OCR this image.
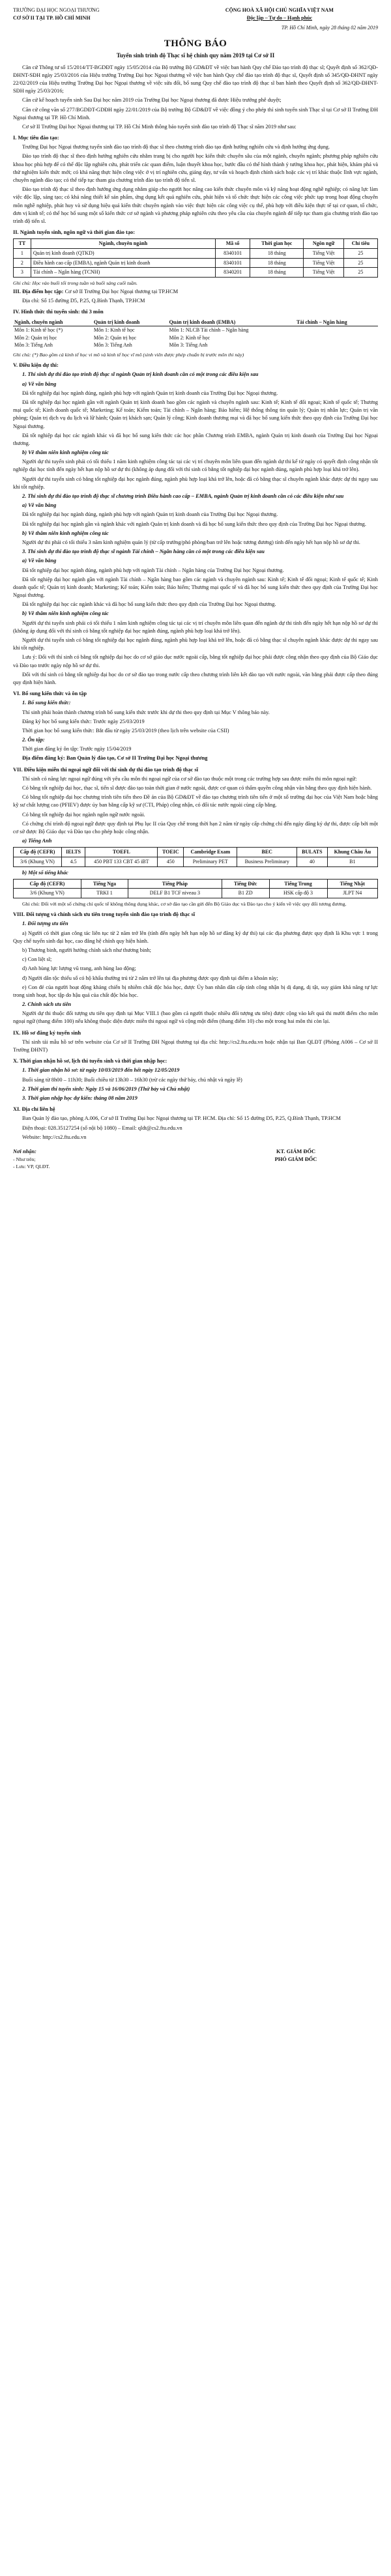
TRƯỜNG ĐẠI HỌC NGOẠI THƯƠNG
CƠ SỞ II TẠI TP. HỒ CHÍ MINH
CỘNG HOÀ XÃ HỘI CHỦ NGHĨA VIỆT NAM
Độc lập – Tự do – Hạnh phúc
TP. Hồ Chí Minh, ngày 28 tháng 02 năm 2019
THÔNG BÁO
Tuyển sinh trình độ Thạc sĩ hệ chính quy năm 2019 tại Cơ sở II

Căn cứ Thông tư số 15/2014/TT-BGDĐT ngày 15/05/2014 của Bộ trưởng Bộ GD&ĐT về việc ban hành Quy chế Đào tạo trình độ thạc sĩ; Quyết định số 362/QĐ-ĐHNT-SĐH ngày 25/03/2016 của Hiệu trưởng Trường Đại học Ngoại thương về việc ban hành Quy chế đào tạo trình độ thạc sĩ, Quyết định số 345/QĐ-ĐHNT ngày 22/02/2019 của Hiệu trưởng Trường Đại học Ngoại thương về việc sửa đổi, bổ sung Quy chế đào tạo trình độ thạc sĩ ban hành theo Quyết định số 362/QĐ-ĐHNT-SĐH ngày 25/03/2016;

Căn cứ kế hoạch tuyển sinh Sau Đại học năm 2019 của Trường Đại học Ngoại thương đã được Hiệu trưởng phê duyệt;

Căn cứ công văn số 277/BGDĐT-GDĐH ngày 22/01/2019 của Bộ trưởng Bộ GD&ĐT về việc đồng ý cho phép thí sinh tuyển sinh Thạc sĩ tại Cơ sở II Trường ĐH Ngoại thương tại TP. Hồ Chí Minh.

Cơ sở II Trường Đại học Ngoại thương tại TP. Hồ Chí Minh thông báo tuyển sinh đào tạo trình độ Thạc sĩ năm 2019 như sau:

I. Mục tiêu đào tạo:

Trường Đại học Ngoại thương tuyển sinh đào tạo trình độ thạc sĩ theo chương trình đào tạo định hướng nghiên cứu và định hướng ứng dụng.

Đào tạo trình độ thạc sĩ theo định hướng nghiên cứu nhằm trang bị cho người học kiến thức chuyên sâu của một ngành, chuyên ngành; phương pháp nghiên cứu khoa học phù hợp để có thể độc lập nghiên cứu, phát triển các quan điểm, luận thuyết khoa học, bước đầu có thể hình thành ý tưởng khoa học, phát hiện, khám phá và thử nghiệm kiến thức mới; có khả năng thực hiện công việc ở vị trí nghiên cứu, giảng dạy, tư vấn và hoạch định chính sách hoặc các vị trí khác thuộc lĩnh vực ngành, chuyên ngành đào tạo; có thể tiếp tục tham gia chương trình đào tạo trình độ tiến sĩ.

Đào tạo trình độ thạc sĩ theo định hướng ứng dụng nhằm giúp cho người học nâng cao kiến thức chuyên môn và kỹ năng hoạt động nghề nghiệp; có năng lực làm việc độc lập, sáng tạo; có khả năng thiết kế sản phẩm, ứng dụng kết quả nghiên cứu, phát hiện và tổ chức thực hiện các công việc phức tạp trong hoạt động chuyên môn nghề nghiệp, phát huy và sử dụng hiệu quả kiến thức chuyên ngành vào việc thực hiện các công việc cụ thể, phù hợp với điều kiện thực tế tại cơ quan, tổ chức, đơn vị kinh tế; có thể học bổ sung một số kiến thức cơ sở ngành và phương pháp nghiên cứu theo yêu cầu của chuyên ngành để tiếp tục tham gia chương trình đào tạo trình độ tiến sĩ.

II. Ngành tuyển sinh, ngôn ngữ và thời gian đào tạo:
TT	Ngành, chuyên ngành	Mã số	Thời gian học	Ngôn ngữ	Chỉ tiêu
1	Quản trị kinh doanh (QTKD)	8340101	18 tháng	Tiếng Việt	25
2	Điều hành cao cấp (EMBA), ngành Quản trị kinh doanh	8340101	18 tháng	Tiếng Việt	25
3	Tài chính – Ngân hàng (TCNH)	8340201	18 tháng	Tiếng Việt	25

Ghi chú: Học vào buổi tối trong tuần và buổi sáng cuối tuần.

III. Địa điểm học tập: Cơ sở II Trường Đại học Ngoại thương tại TP.HCM

Địa chỉ: Số 15 đường D5, P.25, Q.Bình Thạnh, TP.HCM

IV. Hình thức thi tuyển sinh: thi 3 môn
Ngành, chuyên ngành	Quản trị kinh doanh	Quản trị kinh doanh (EMBA)	Tài chính – Ngân hàng
Môn 1: Kinh tế học (*)	Môn 1: Kinh tế học	Môn 1: NLCB Tài chính – Ngân hàng	
Môn 2: Quản trị học	Môn 2: Quản trị học	Môn 2: Kinh tế học	
Môn 3: Tiếng Anh	Môn 3: Tiếng Anh	Môn 3: Tiếng Anh	

Ghi chú: (*) Bao gồm cả kinh tế học vi mô và kinh tế học vĩ mô (sinh viên được phép chuẩn bị trước môn thi này)

V. Điều kiện dự thi:

1. Thí sinh dự thi đào tạo trình độ thạc sĩ ngành Quản trị kinh doanh cần có một trong các điều kiện sau

a) Về văn bằng

Đã tốt nghiệp đại học ngành đúng, ngành phù hợp với ngành Quản trị kinh doanh của Trường Đại học Ngoại thương.

Đã tốt nghiệp đại học ngành gần với ngành Quản trị kinh doanh bao gồm các ngành và chuyên ngành sau: Kinh tế; Kinh tế đối ngoại; Kinh tế quốc tế; Thương mại quốc tế; Kinh doanh quốc tế; Marketing; Kế toán; Kiểm toán; Tài chính – Ngân hàng; Bảo hiểm; Hệ thống thông tin quản lý; Quản trị nhân lực; Quản trị văn phòng; Quản trị dịch vụ du lịch và lữ hành; Quản trị khách sạn; Quản lý công; Kinh doanh thương mại và đã học bổ sung kiến thức theo quy định của Trường Đại học Ngoại thương.

Đã tốt nghiệp đại học các ngành khác và đã học bổ sung kiến thức các học phần Chương trình EMBA, ngành Quản trị kinh doanh của Trường Đại học Ngoại thương.

b) Về thâm niên kinh nghiệm công tác

Người dự thi tuyển sinh phải có tối thiểu 1 năm kinh nghiệm công tác tại các vị trí chuyên môn liên quan đến ngành dự thi kể từ ngày có quyết định công nhận tốt nghiệp đại học tính đến ngày hết hạn nộp hồ sơ dự thi (không áp dụng đối với thí sinh có bằng tốt nghiệp đại học ngành đúng, ngành phù hợp loại khá trở lên).

Người dự thi tuyển sinh có bằng tốt nghiệp đại học ngành đúng, ngành phù hợp loại khá trở lên, hoặc đã có bằng thạc sĩ chuyên ngành khác được dự thi ngay sau khi tốt nghiệp.

2. Thí sinh dự thi đào tạo trình độ thạc sĩ chương trình Điều hành cao cấp – EMBA, ngành Quản trị kinh doanh cần có các điều kiện như sau

a) Về văn bằng

Đã tốt nghiệp đại học ngành đúng, ngành phù hợp với ngành Quản trị kinh doanh của Trường Đại học Ngoại thương.

Đã tốt nghiệp đại học ngành gần và ngành khác với ngành Quản trị kinh doanh và đã học bổ sung kiến thức theo quy định của Trường Đại học Ngoại thương.

b) Về thâm niên kinh nghiệm công tác

Người dự thi phải có tối thiểu 3 năm kinh nghiệm quản lý (từ cấp trưởng/phó phòng/ban trở lên hoặc tương đương) tính đến ngày hết hạn nộp hồ sơ dự thi.

3. Thí sinh dự thi đào tạo trình độ thạc sĩ ngành Tài chính – Ngân hàng cần có một trong các điều kiện sau

a) Về văn bằng

Đã tốt nghiệp đại học ngành đúng, ngành phù hợp với ngành Tài chính – Ngân hàng của Trường Đại học Ngoại thương.

Đã tốt nghiệp đại học ngành gần với ngành Tài chính – Ngân hàng bao gồm các ngành và chuyên ngành sau: Kinh tế; Kinh tế đối ngoại; Kinh tế quốc tế; Kinh doanh quốc tế; Quản trị kinh doanh; Marketing; Kế toán; Kiểm toán; Bảo hiểm; Thương mại quốc tế và đã học bổ sung kiến thức theo quy định của Trường Đại học Ngoại thương.

Đã tốt nghiệp đại học các ngành khác và đã học bổ sung kiến thức theo quy định của Trường Đại học Ngoại thương.

b) Về thâm niên kinh nghiệm công tác

Người dự thi tuyển sinh phải có tối thiểu 1 năm kinh nghiệm công tác tại các vị trí chuyên môn liên quan đến ngành dự thi tính đến ngày hết hạn nộp hồ sơ dự thi (không áp dụng đối với thí sinh có bằng tốt nghiệp đại học ngành đúng, ngành phù hợp loại khá trở lên).

Người dự thi tuyển sinh có bằng tốt nghiệp đại học ngành đúng, ngành phù hợp loại khá trở lên, hoặc đã có bằng thạc sĩ chuyên ngành khác được dự thi ngay sau khi tốt nghiệp.

Lưu ý: Đối với thí sinh có bằng tốt nghiệp đại học do cơ sở giáo dục nước ngoài cấp, bằng tốt nghiệp đại học phải được công nhận theo quy định của Bộ Giáo dục và Đào tạo trước ngày nộp hồ sơ dự thi.

Đối với thí sinh có bằng tốt nghiệp đại học do cơ sở đào tạo trong nước cấp theo chương trình liên kết đào tạo với nước ngoài, văn bằng phải được cấp theo đúng quy định hiện hành.

VI. Bổ sung kiến thức và ôn tập

1. Bổ sung kiến thức:

Thí sinh phải hoàn thành chương trình bổ sung kiến thức trước khi dự thi theo quy định tại Mục V thông báo này.

Đăng ký học bổ sung kiến thức: Trước ngày 25/03/2019

Thời gian học bổ sung kiến thức: Bắt đầu từ ngày 25/03/2019 (theo lịch trên website của CSII)

2. Ôn tập:

Thời gian đăng ký ôn tập: Trước ngày 15/04/2019

Địa điểm đăng ký: Ban Quản lý đào tạo, Cơ sở II Trường Đại học Ngoại thương

VII. Điều kiện miễn thi ngoại ngữ đối với thí sinh dự thi đào tạo trình độ thạc sĩ

Thí sinh có năng lực ngoại ngữ đúng với yêu cầu môn thi ngoại ngữ của cơ sở đào tạo thuộc một trong các trường hợp sau được miễn thi môn ngoại ngữ:

Có bằng tốt nghiệp đại học, thạc sĩ, tiến sĩ được đào tạo toàn thời gian ở nước ngoài, được cơ quan có thẩm quyền công nhận văn bằng theo quy định hiện hành.

Có bằng tốt nghiệp đại học chương trình tiên tiến theo Đề án của Bộ GD&ĐT về đào tạo chương trình tiên tiến ở một số trường đại học của Việt Nam hoặc bằng kỹ sư chất lượng cao (PFIEV) được ủy ban bằng cấp kỹ sư (CTI, Pháp) công nhận, có đối tác nước ngoài cùng cấp bằng.

Có bằng tốt nghiệp đại học ngành ngôn ngữ nước ngoài.

Có chứng chỉ trình độ ngoại ngữ được quy định tại Phụ lục II của Quy chế trong thời hạn 2 năm từ ngày cấp chứng chỉ đến ngày đăng ký dự thi, được cấp bởi một cơ sở được Bộ Giáo dục và Đào tạo cho phép hoặc công nhận.

a) Tiếng Anh

Cấp độ (CEFR)	IELTS	TOEFL	TOEIC	Cambridge Exam	BEC	BULATS	Khung Châu Âu
3/6 (Khung VN)	4.5	450 PBT 133 CBT 45 iBT	450	Preliminary PET	Business Preliminary	40	B1

b) Một số tiếng khác

Cấp độ (CEFR)	Tiếng Nga	Tiếng Pháp	Tiếng Đức	Tiếng Trung	Tiếng Nhật
3/6 (Khung VN)	TRKI 1	DELF B1 TCF niveau 3	B1 ZD	HSK cấp độ 3	JLPT N4

Ghi chú: Đối với một số chứng chỉ quốc tế không thông dụng khác, cơ sở đào tạo cần gửi đến Bộ Giáo dục và Đào tạo cho ý kiến về việc quy đổi tương đương.

VIII. Đối tượng và chính sách ưu tiên trong tuyển sinh đào tạo trình độ thạc sĩ

1. Đối tượng ưu tiên

a) Người có thời gian công tác liên tục từ 2 năm trở lên (tính đến ngày hết hạn nộp hồ sơ đăng ký dự thi) tại các địa phương được quy định là Khu vực 1 trong Quy chế tuyển sinh đại học, cao đẳng hệ chính quy hiện hành.

b) Thương binh, người hưởng chính sách như thương binh;

c) Con liệt sĩ;

d) Anh hùng lực lượng vũ trang, anh hùng lao động;

đ) Người dân tộc thiểu số có hộ khẩu thường trú từ 2 năm trở lên tại địa phương được quy định tại điểm a khoản này;

e) Con đẻ của người hoạt động kháng chiến bị nhiễm chất độc hóa học, được Ủy ban nhân dân cấp tỉnh công nhận bị dị dạng, dị tật, suy giảm khả năng tự lực trong sinh hoạt, học tập do hậu quả của chất độc hóa học.

2. Chính sách ưu tiên

Người dự thi thuộc đối tượng ưu tiên quy định tại Mục VIII.1 (bao gồm cả người thuộc nhiều đối tượng ưu tiên) được cộng vào kết quả thi mười điểm cho môn ngoại ngữ (thang điểm 100) nếu không thuộc diện được miễn thi ngoại ngữ và cộng một điểm (thang điểm 10) cho một trong hai môn thi còn lại.

IX. Hồ sơ đăng ký tuyển sinh

Thí sinh tải mẫu hồ sơ trên website của Cơ sở II Trường ĐH Ngoại thương tại địa chỉ: http://cs2.ftu.edu.vn hoặc nhận tại Ban QLĐT (Phòng A006 – Cơ sở II Trường ĐHNT)

X. Thời gian nhận hồ sơ, lịch thi tuyển sinh và thời gian nhập học:

1. Thời gian nhận hồ sơ: từ ngày 10/03/2019 đến hết ngày 12/05/2019

Buổi sáng từ 8h00 – 11h30; Buổi chiều từ 13h30 – 16h30 (trừ các ngày thứ bảy, chủ nhật và ngày lễ)

2. Thời gian thi tuyển sinh: Ngày 15 và 16/06/2019 (Thứ bảy và Chủ nhật)

3. Thời gian nhập học dự kiến: tháng 08 năm 2019

XI. Địa chỉ liên hệ

Ban Quản lý đào tạo, phòng A.006, Cơ sở II Trường Đại học Ngoại thương tại TP. HCM. Địa chỉ: Số 15 đường D5, P.25, Q.Bình Thạnh, TP.HCM

Điện thoại: 028.35127254 (số nội bộ 1080) – Email: qldt@cs2.ftu.edu.vn

Website: http://cs2.ftu.edu.vn

Nơi nhận:
- Như trên;
- Lưu: VP, QLĐT.
KT. GIÁM ĐỐC
PHÓ GIÁM ĐỐC
